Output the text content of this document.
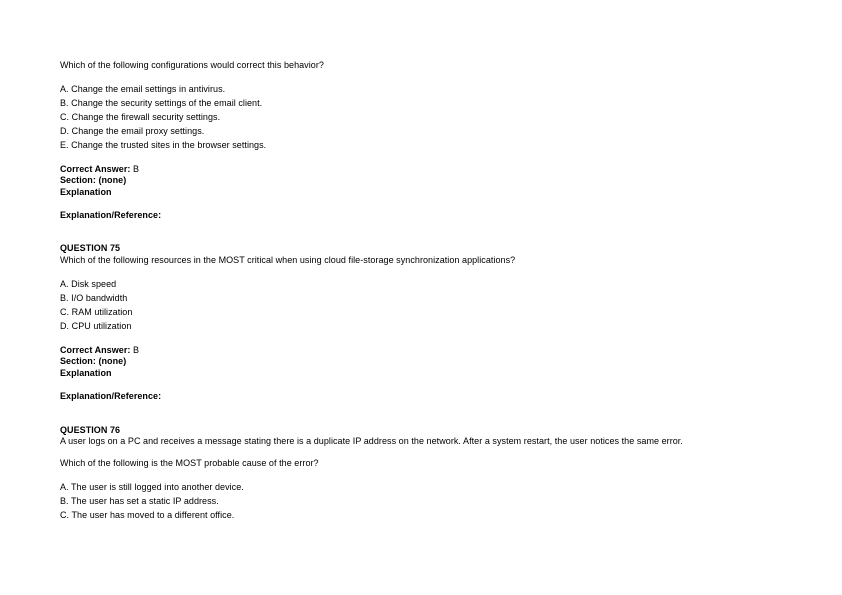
Which of the following configurations would correct this behavior?
A. Change the email settings in antivirus.
B. Change the security settings of the email client.
C. Change the firewall security settings.
D. Change the email proxy settings.
E. Change the trusted sites in the browser settings.
Correct Answer: B
Section: (none)
Explanation
Explanation/Reference:
QUESTION 75
Which of the following resources in the MOST critical when using cloud file-storage synchronization applications?
A. Disk speed
B. I/O bandwidth
C. RAM utilization
D. CPU utilization
Correct Answer: B
Section: (none)
Explanation
Explanation/Reference:
QUESTION 76
A user logs on a PC and receives a message stating there is a duplicate IP address on the network. After a system restart, the user notices the same error.
Which of the following is the MOST probable cause of the error?
A. The user is still logged into another device.
B. The user has set a static IP address.
C. The user has moved to a different office.
